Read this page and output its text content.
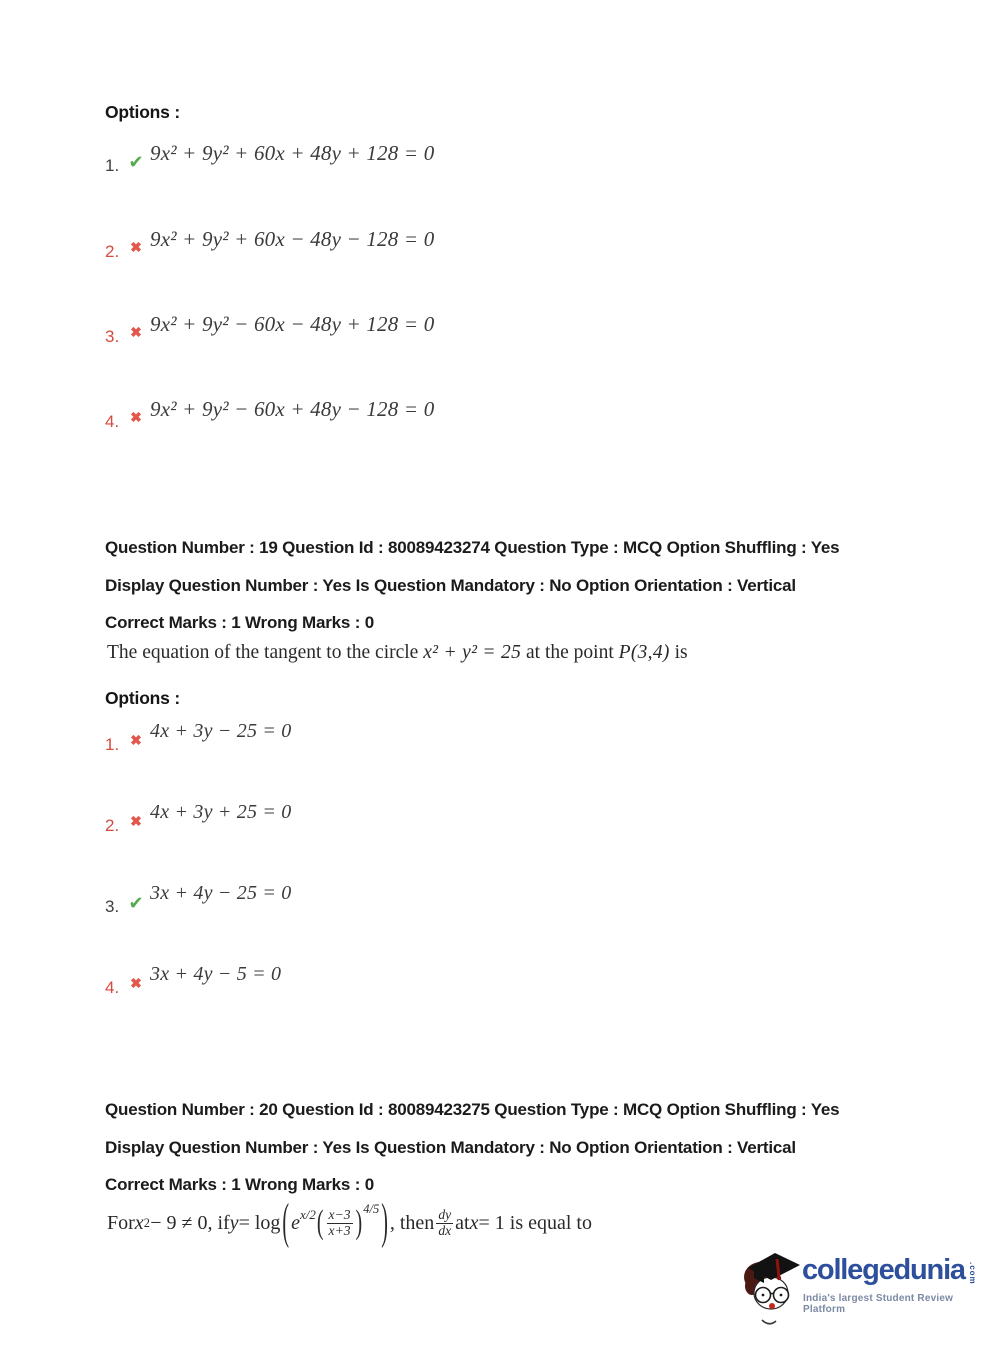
Options :
1. ✔ 9x² + 9y² + 60x + 48y + 128 = 0
2. ✖ 9x² + 9y² + 60x − 48y − 128 = 0
3. ✖ 9x² + 9y² − 60x − 48y + 128 = 0
4. ✖ 9x² + 9y² − 60x + 48y − 128 = 0

Question Number : 19 Question Id : 80089423274 Question Type : MCQ Option Shuffling : Yes

Display Question Number : Yes Is Question Mandatory : No Option Orientation : Vertical

Correct Marks : 1 Wrong Marks : 0

The equation of the tangent to the circle x² + y² = 25 at the point P(3,4) is

Options :
1. ✖ 4x + 3y − 25 = 0
2. ✖ 4x + 3y + 25 = 0
3. ✔ 3x + 4y − 25 = 0
4. ✖ 3x + 4y − 5 = 0

Question Number : 20 Question Id : 80089423275 Question Type : MCQ Option Shuffling : Yes

Display Question Number : Yes Is Question Mandatory : No Option Orientation : Vertical

Correct Marks : 1 Wrong Marks : 0

For x 2 − 9 ≠ 0, if y = log ( e x/2 ( $\frac{x-3}{x+3}$ ) 4/5 ) , then $\frac{dy}{dx}$ at x = 1 is equal to
collegedunia .com
India's largest Student Review Platform
